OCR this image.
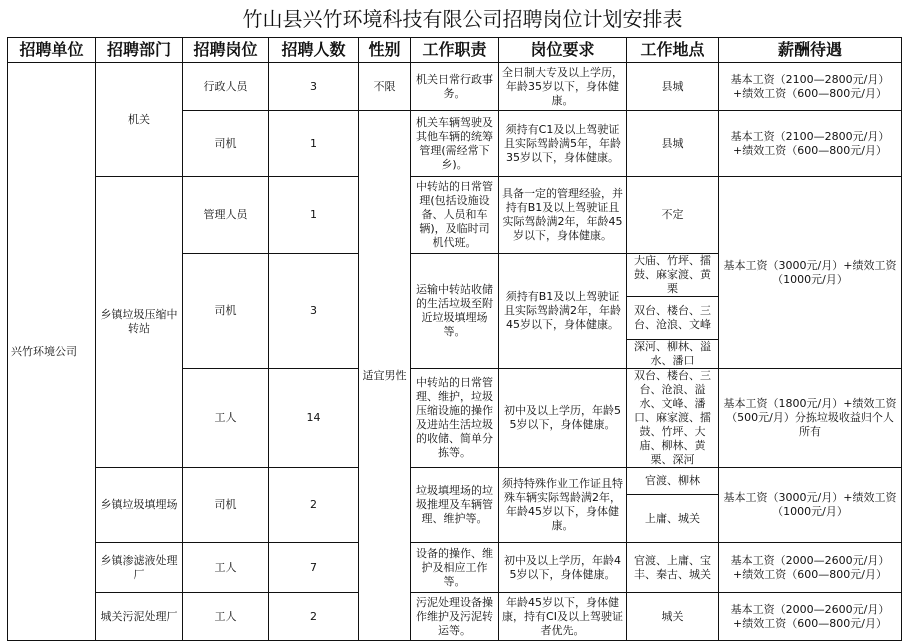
竹山县兴竹环境科技有限公司招聘岗位计划安排表
招聘单位	招聘部门	招聘岗位	招聘人数	性别	工作职责	岗位要求	工作地点	薪酬待遇
兴竹环境公司	机关	行政人员	3	不限	机关日常行政事务。	全日制大专及以上学历，年龄35岁以下，身体健康。	县城	基本工资（2100—2800元/月）+绩效工资（600—800元/月）
		司机	1	适宜男性	机关车辆驾驶及其他车辆的统筹管理(需经常下乡)。	须持有C1及以上驾驶证且实际驾龄满5年，年龄35岁以下，身体健康。	县城	基本工资（2100—2800元/月）+绩效工资（600—800元/月）
	乡镇垃圾压缩中转站	管理人员	1		中转站的日常管理(包括设施设备、人员和车辆)，及临时司机代班。	具备一定的管理经验，并持有B1及以上驾驶证且实际驾龄满2年，年龄45岁以下，身体健康。	不定	基本工资（3000元/月）+绩效工资（1000元/月）
		司机	3		运输中转站收储的生活垃圾至附近垃圾填埋场等。	须持有B1及以上驾驶证且实际驾龄满2年，年龄45岁以下，身体健康。	大庙、竹坪、擂鼓、麻家渡、黄栗	
							双台、楼台、三台、沧浪、文峰	
							深河、柳林、溢水、潘口	
		工人	14		中转站的日常管理、维护，垃圾压缩设施的操作及进站生活垃圾的收储、简单分拣等。	初中及以上学历，年龄55岁以下，身体健康。	双台、楼台、三台、沧浪、溢水、文峰、潘口、麻家渡、擂鼓、竹坪、大庙、柳林、黄栗、深河	基本工资（1800元/月）+绩效工资（500元/月）分拣垃圾收益归个人所有
	乡镇垃圾填埋场	司机	2		垃圾填埋场的垃圾推埋及车辆管理、维护等。	须持特殊作业工作证且特殊车辆实际驾龄满2年，年龄45岁以下，身体健康。	官渡、柳林	基本工资（3000元/月）+绩效工资（1000元/月）
							上庸、城关	
	乡镇渗滤液处理厂	工人	7		设备的操作、维护及相应工作等。	初中及以上学历，年龄45岁以下，身体健康。	官渡、上庸、宝丰、秦古、城关	基本工资（2000—2600元/月）+绩效工资（600—800元/月）
	城关污泥处理厂	工人	2		污泥处理设备操作维护及污泥转运等。	年龄45岁以下，身体健康，持有CI及以上驾驶证者优先。	城关	基本工资（2000—2600元/月）+绩效工资（600—800元/月）
